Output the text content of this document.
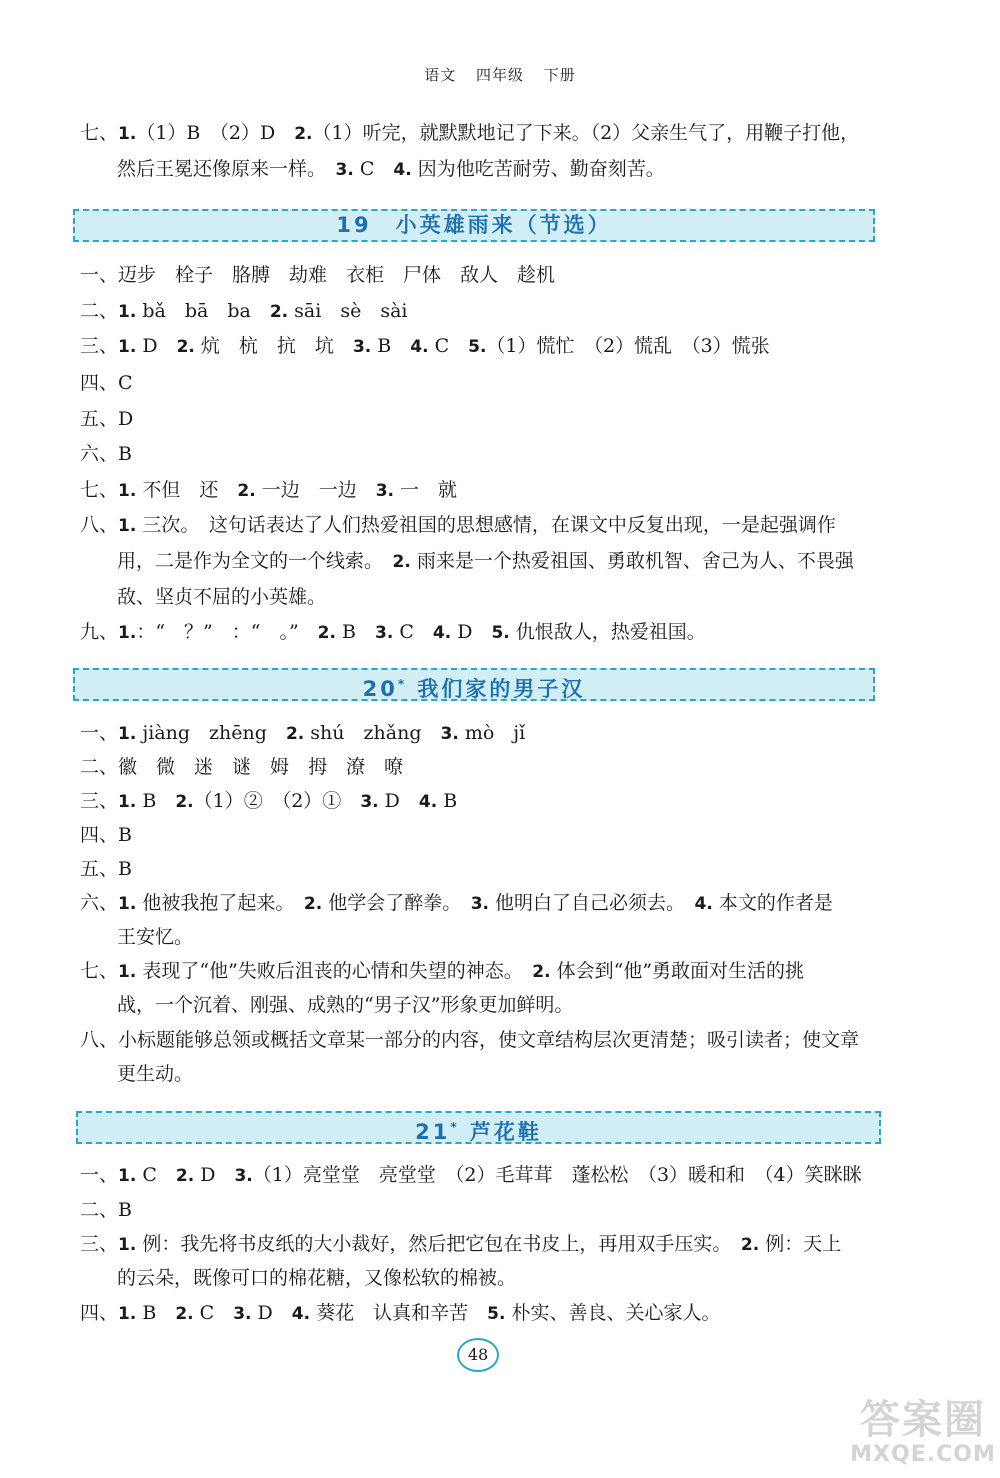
语文 四年级 下册
七、1.（1）B　（2）D　2.（1）听完，就默默地记了下来。（2）父亲生气了，用鞭子打他，
然后王冕还像原来一样。　3. C　4. 因为他吃苦耐劳、勤奋刻苦。
19　小英雄雨来（节选）
一、迈步　栓子　胳膊　劫难　衣柜　尸体　敌人　趁机
二、1. bǎ　bā　ba　2. sāi　sè　sài
三、1. D　2. 炕　杭　抗　坑　3. B　4. C　5.（1）慌忙　（2）慌乱　（3）慌张
四、C
五、D
六、B
七、1. 不但　还　2. 一边　一边　3. 一　就
八、1. 三次。　这句话表达了人们热爱祖国的思想感情，在课文中反复出现，一是起强调作
用，二是作为全文的一个线索。　2. 雨来是一个热爱祖国、勇敢机智、舍己为人、不畏强
敌、坚贞不屈的小英雄。
九、1.：“　？”　：“　。”　2. B　3. C　4. D　5. 仇恨敌人，热爱祖国。
20* 我们家的男子汉
一、1. jiàng　zhēng　2. shú　zhǎng　3. mò　jǐ
二、徽　微　迷　谜　姆　拇　潦　嘹
三、1. B　2.（1）②　（2）①　3. D　4. B
四、B
五、B
六、1. 他被我抱了起来。　2. 他学会了醉拳。　3. 他明白了自己必须去。　4. 本文的作者是
王安忆。
七、1. 表现了“他”失败后沮丧的心情和失望的神态。　2. 体会到“他”勇敢面对生活的挑
战，一个沉着、刚强、成熟的“男子汉”形象更加鲜明。
八、小标题能够总领或概括文章某一部分的内容，使文章结构层次更清楚；吸引读者；使文章
更生动。
21* 芦花鞋
一、1. C　2. D　3.（1）亮堂堂　亮堂堂　（2）毛茸茸　蓬松松　（3）暖和和　（4）笑眯眯
二、B
三、1. 例：我先将书皮纸的大小裁好，然后把它包在书皮上，再用双手压实。　2. 例：天上
的云朵，既像可口的棉花糖，又像松软的棉被。
四、1. B　2. C　3. D　4. 葵花　认真和辛苦　5. 朴实、善良、关心家人。
48
答案圈
MXQE.COM
